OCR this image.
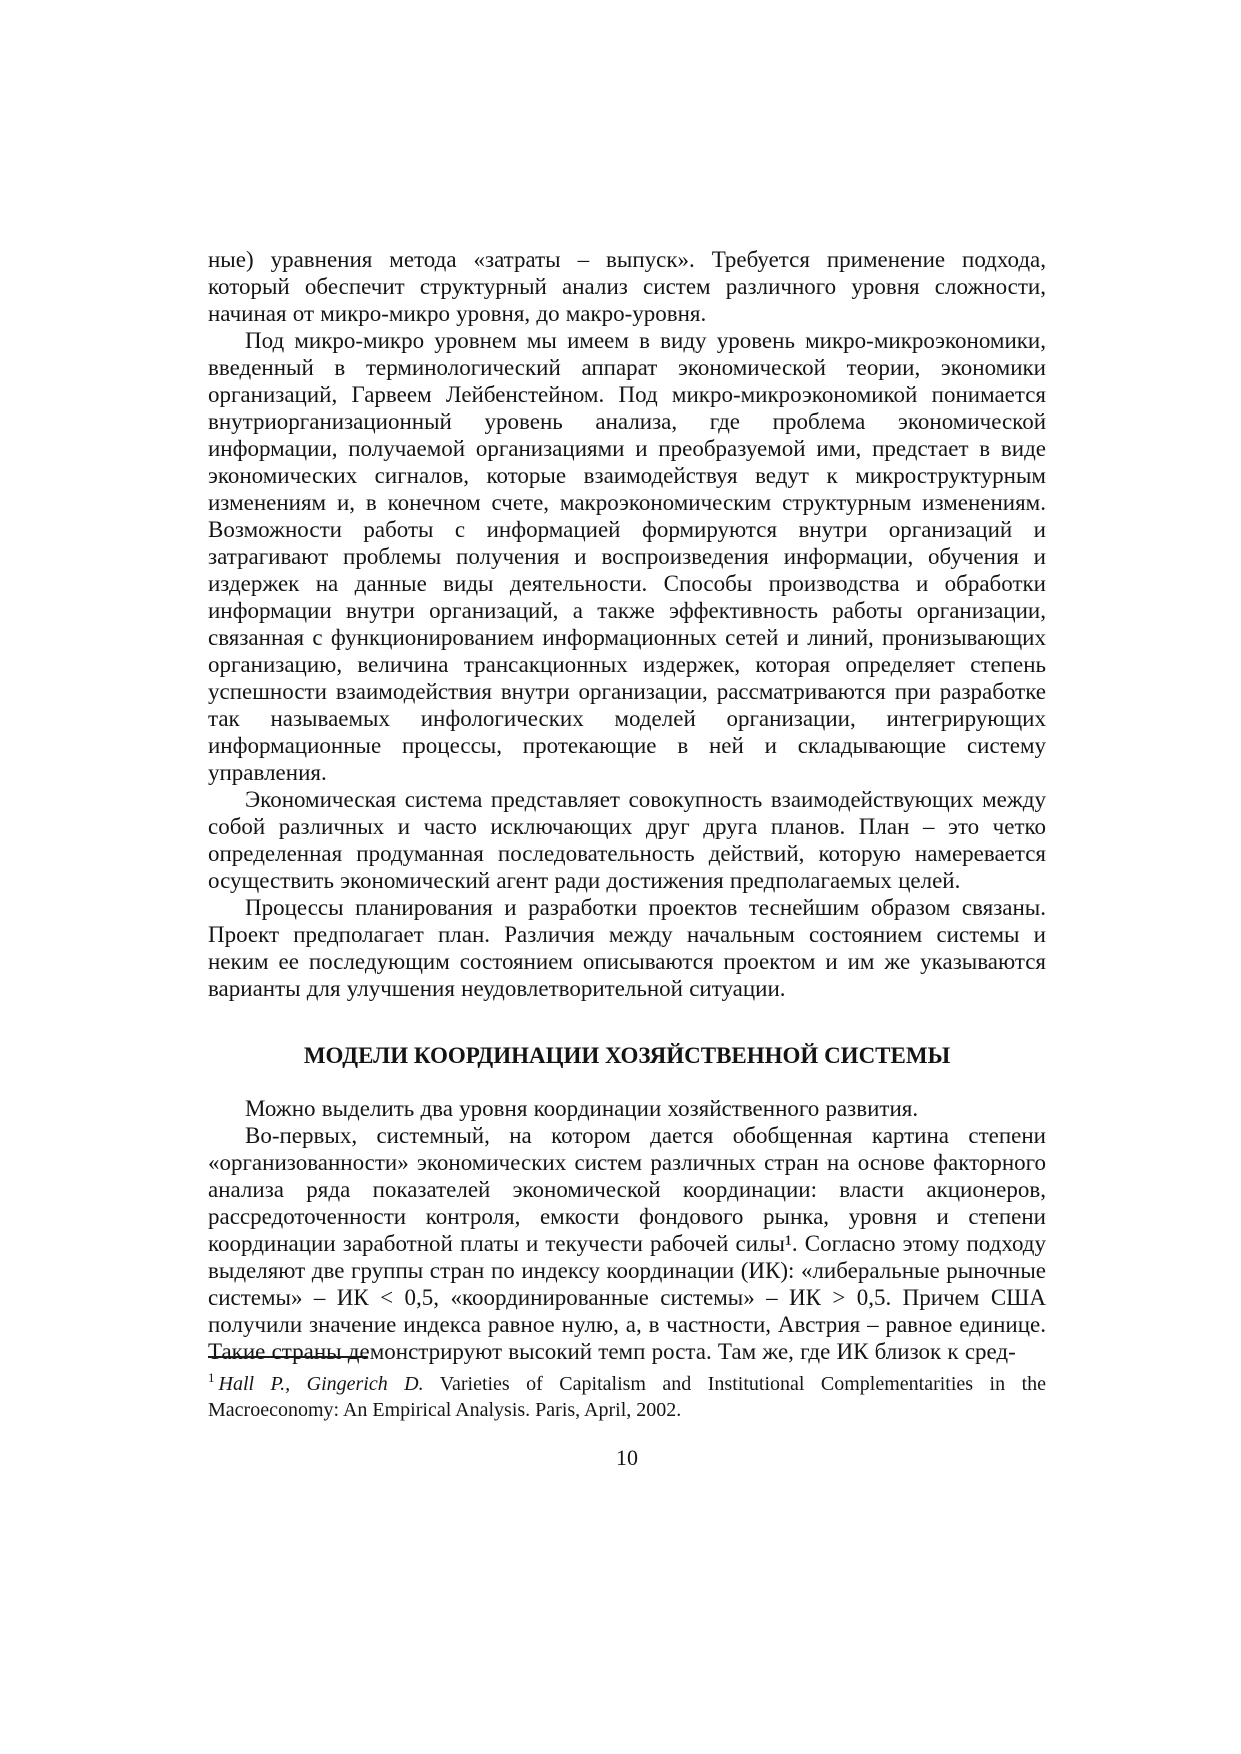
ные) уравнения метода «затраты – выпуск». Требуется применение подхода, который обеспечит структурный анализ систем различного уровня сложности, начиная от микро-микро уровня, до макро-уровня.

Под микро-микро уровнем мы имеем в виду уровень микро-микроэкономики, введенный в терминологический аппарат экономической теории, экономики организаций, Гарвеем Лейбенстейном. Под микро-микроэкономикой понимается внутриорганизационный уровень анализа, где проблема экономической информации, получаемой организациями и преобразуемой ими, предстает в виде экономических сигналов, которые взаимодействуя ведут к микроструктурным изменениям и, в конечном счете, макроэкономическим структурным изменениям. Возможности работы с информацией формируются внутри организаций и затрагивают проблемы получения и воспроизведения информации, обучения и издержек на данные виды деятельности. Способы производства и обработки информации внутри организаций, а также эффективность работы организации, связанная с функционированием информационных сетей и линий, пронизывающих организацию, величина трансакционных издержек, которая определяет степень успешности взаимодействия внутри организации, рассматриваются при разработке так называемых инфологических моделей организации, интегрирующих информационные процессы, протекающие в ней и складывающие систему управления.

Экономическая система представляет совокупность взаимодействующих между собой различных и часто исключающих друг друга планов. План – это четко определенная продуманная последовательность действий, которую намеревается осуществить экономический агент ради достижения предполагаемых целей.

Процессы планирования и разработки проектов теснейшим образом связаны. Проект предполагает план. Различия между начальным состоянием системы и неким ее последующим состоянием описываются проектом и им же указываются варианты для улучшения неудовлетворительной ситуации.

МОДЕЛИ КООРДИНАЦИИ ХОЗЯЙСТВЕННОЙ СИСТЕМЫ

Можно выделить два уровня координации хозяйственного развития.

Во-первых, системный, на котором дается обобщенная картина степени «организованности» экономических систем различных стран на основе факторного анализа ряда показателей экономической координации: власти акционеров, рассредоточенности контроля, емкости фондового рынка, уровня и степени координации заработной платы и текучести рабочей силы¹. Согласно этому подходу выделяют две группы стран по индексу координации (ИК): «либеральные рыночные системы» – ИК < 0,5, «координированные системы» – ИК > 0,5. Причем США получили значение индекса равное нулю, а, в частности, Австрия – равное единице. Такие страны демонстрируют высокий темп роста. Там же, где ИК близок к сред-

$^1$ Hall P., Gingerich D. Varieties of Capitalism and Institutional Complementarities in the Macroeconomy: An Empirical Analysis. Paris, April, 2002.

10
